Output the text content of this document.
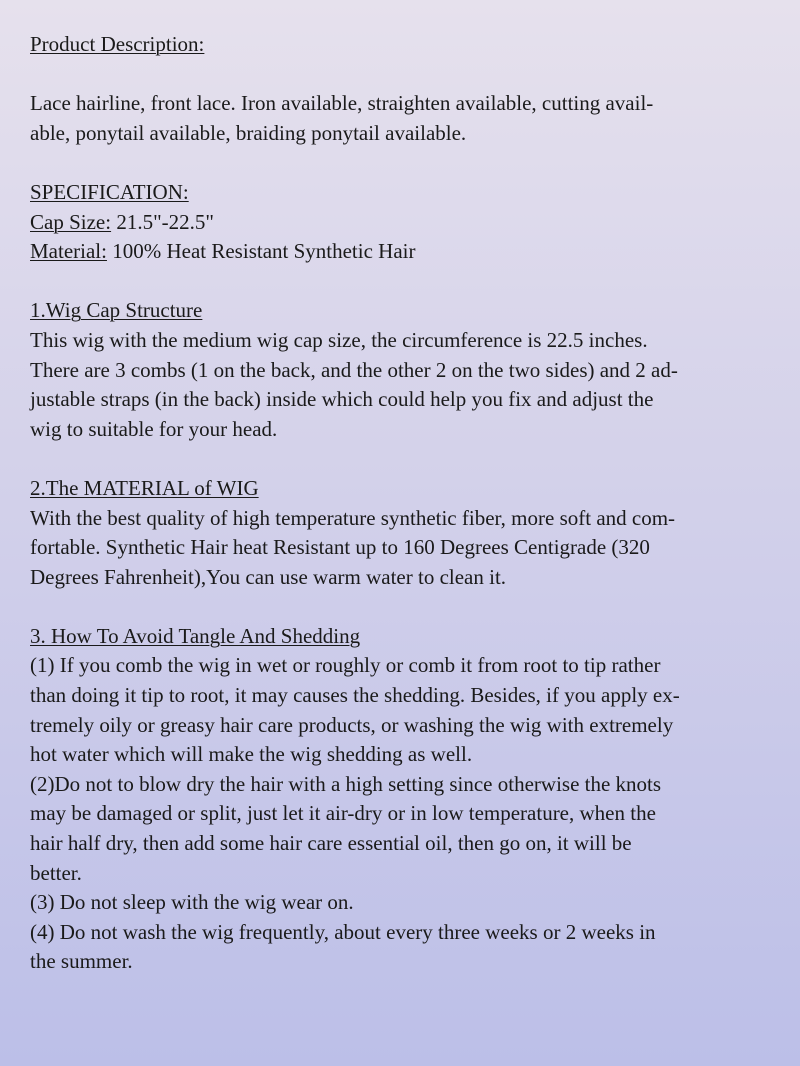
Product Description:
Lace hairline, front lace. Iron available, straighten available, cutting avail-
able, ponytail available, braiding ponytail available.
SPECIFICATION:
Cap Size: 21.5"-22.5"
Material: 100% Heat Resistant Synthetic Hair
1.Wig Cap Structure
This wig with the medium wig cap size, the circumference is 22.5 inches.
There are 3 combs (1 on the back, and the other 2 on the two sides) and 2 ad-
justable straps (in the back) inside which could help you fix and adjust the
wig to suitable for your head.
2.The MATERIAL of WIG
With the best quality of high temperature synthetic fiber, more soft and com-
fortable. Synthetic Hair heat Resistant up to 160 Degrees Centigrade (320
Degrees Fahrenheit),You can use warm water to clean it.
3. How To Avoid Tangle And Shedding
(1) If you comb the wig in wet or roughly or comb it from root to tip rather
than doing it tip to root, it may causes the shedding. Besides, if you apply ex-
tremely oily or greasy hair care products, or washing the wig with extremely
hot water which will make the wig shedding as well.
(2)Do not to blow dry the hair with a high setting since otherwise the knots
may be damaged or split, just let it air-dry or in low temperature, when the
hair half dry, then add some hair care essential oil, then go on, it will be
better.
(3) Do not sleep with the wig wear on.
(4) Do not wash the wig frequently, about every three weeks or 2 weeks in
the summer.
